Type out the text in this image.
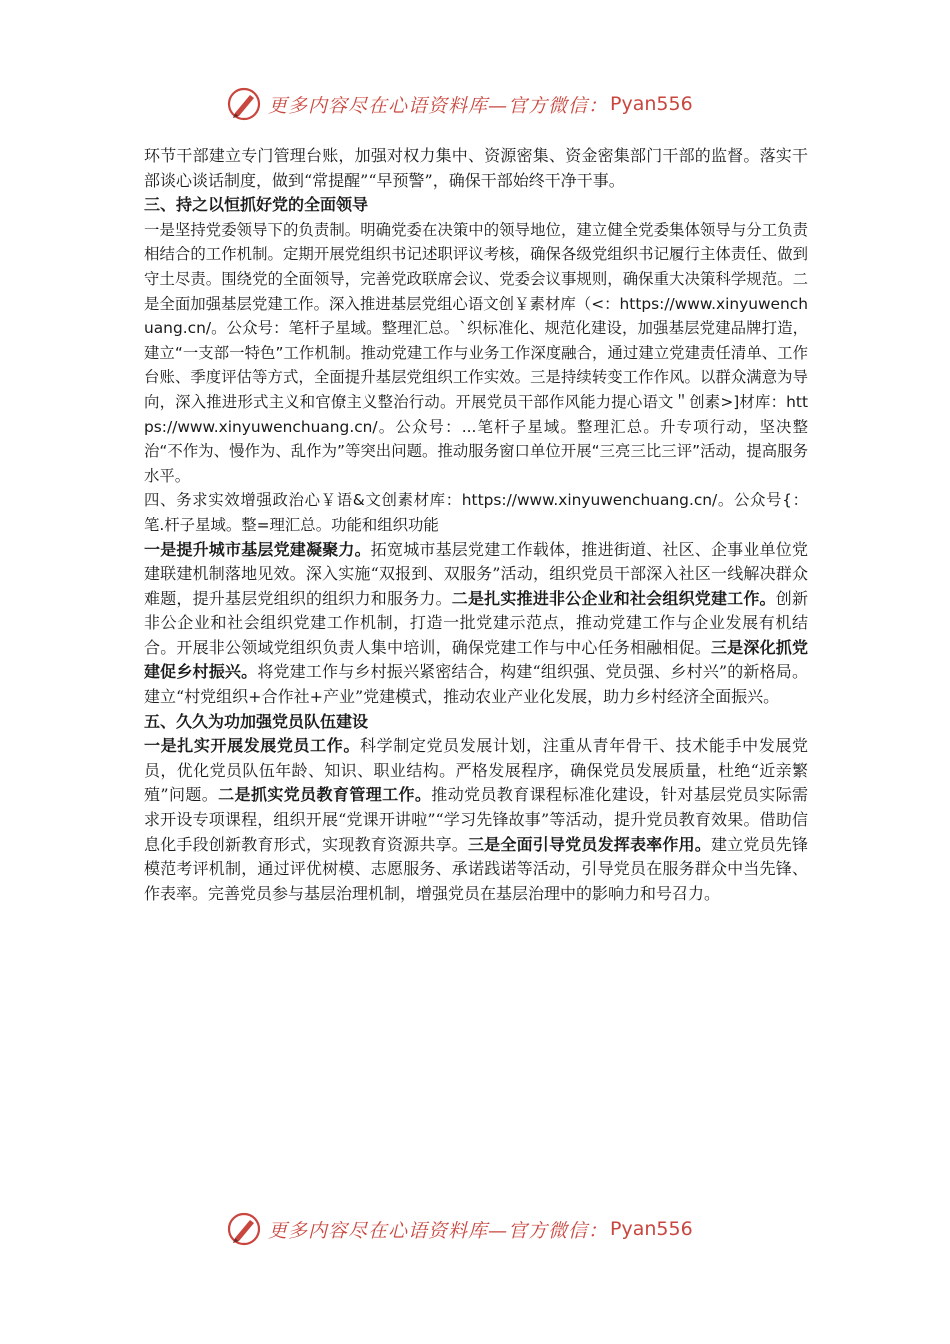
更多内容尽在心语资料库—官方微信： Pyan556

环节干部建立专门管理台账，加强对权力集中、资源密集、资金密集部门干部的监督。落实干部谈心谈话制度，做到“常提醒”“早预警”，确保干部始终干净干事。

三、持之以恒抓好党的全面领导

一是坚持党委领导下的负责制。明确党委在决策中的领导地位，建立健全党委集体领导与分工负责相结合的工作机制。定期开展党组织书记述职评议考核，确保各级党组织书记履行主体责任、做到守土尽责。围绕党的全面领导，完善党政联席会议、党委会议事规则，确保重大决策科学规范。二是全面加强基层党建工作。深入推进基层党组心语文创￥素材库（<：https://www.xinyuwenchuang.cn/。公众号：笔杆子星域。整理汇总。`织标准化、规范化建设，加强基层党建品牌打造，建立“一支部一特色”工作机制。推动党建工作与业务工作深度融合，通过建立党建责任清单、工作台账、季度评估等方式，全面提升基层党组织工作实效。三是持续转变工作作风。以群众满意为导向，深入推进形式主义和官僚主义整治行动。开展党员干部作风能力提心语文＂创素>]材库：https://www.xinyuwenchuang.cn/。公众号：...笔杆子星域。整理汇总。升专项行动，坚决整治“不作为、慢作为、乱作为”等突出问题。推动服务窗口单位开展“三亮三比三评”活动，提高服务水平。

四、务求实效增强政治心￥语&文创素材库：https://www.xinyuwenchuang.cn/。公众号{：笔.杆子星域。整=理汇总。功能和组织功能

一是提升城市基层党建凝聚力。拓宽城市基层党建工作载体，推进街道、社区、企事业单位党建联建机制落地见效。深入实施“双报到、双服务”活动，组织党员干部深入社区一线解决群众难题，提升基层党组织的组织力和服务力。二是扎实推进非公企业和社会组织党建工作。创新非公企业和社会组织党建工作机制，打造一批党建示范点，推动党建工作与企业发展有机结合。开展非公领域党组织负责人集中培训，确保党建工作与中心任务相融相促。三是深化抓党建促乡村振兴。将党建工作与乡村振兴紧密结合，构建“组织强、党员强、乡村兴”的新格局。建立“村党组织+合作社+产业”党建模式，推动农业产业化发展，助力乡村经济全面振兴。

五、久久为功加强党员队伍建设

一是扎实开展发展党员工作。科学制定党员发展计划，注重从青年骨干、技术能手中发展党员，优化党员队伍年龄、知识、职业结构。严格发展程序，确保党员发展质量，杜绝“近亲繁殖”问题。二是抓实党员教育管理工作。推动党员教育课程标准化建设，针对基层党员实际需求开设专项课程，组织开展“党课开讲啦”“学习先锋故事”等活动，提升党员教育效果。借助信息化手段创新教育形式，实现教育资源共享。三是全面引导党员发挥表率作用。建立党员先锋模范考评机制，通过评优树模、志愿服务、承诺践诺等活动，引导党员在服务群众中当先锋、作表率。完善党员参与基层治理机制，增强党员在基层治理中的影响力和号召力。

更多内容尽在心语资料库—官方微信： Pyan556
